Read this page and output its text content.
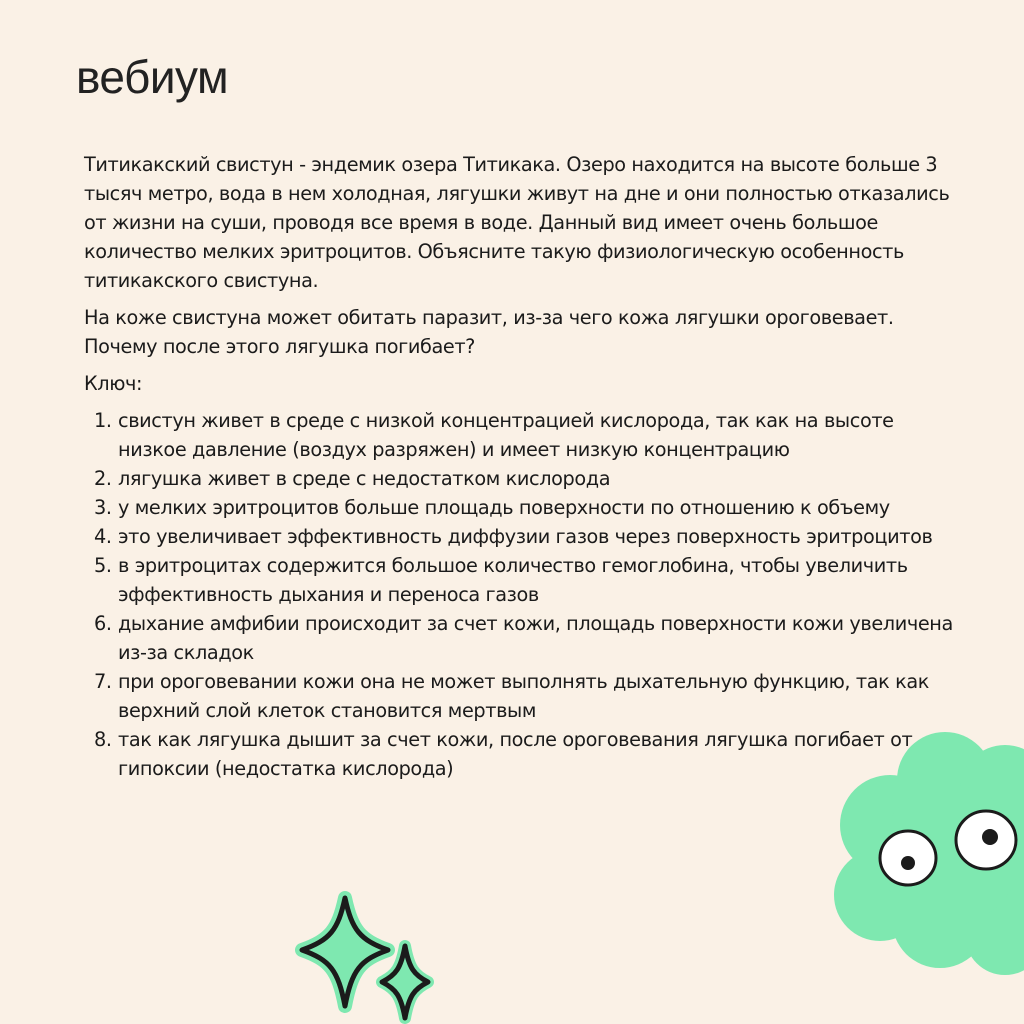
вебиум

Титикакский свистун - эндемик озера Титикака. Озеро находится на высоте больше 3 тысяч метро, вода в нем холодная, лягушки живут на дне и они полностью отказались от жизни на суши, проводя все время в воде. Данный вид имеет очень большое количество мелких эритроцитов. Объясните такую физиологическую особенность титикакского свистуна.

На коже свистуна может обитать паразит, из-за чего кожа лягушки ороговевает. Почему после этого лягушка погибает?

Ключ:

1. свистун живет в среде с низкой концентрацией кислорода, так как на высоте низкое давление (воздух разряжен) и имеет низкую концентрацию
2. лягушка живет в среде с недостатком кислорода
3. у мелких эритроцитов больше площадь поверхности по отношению к объему
4. это увеличивает эффективность диффузии газов через поверхность эритроцитов
5. в эритроцитах содержится большое количество гемоглобина, чтобы увеличить эффективность дыхания и переноса газов
6. дыхание амфибии происходит за счет кожи, площадь поверхности кожи увеличена из-за складок
7. при ороговевании кожи она не может выполнять дыхательную функцию, так как верхний слой клеток становится мертвым
8. так как лягушка дышит за счет кожи, после ороговевания лягушка погибает от гипоксии (недостатка кислорода)
